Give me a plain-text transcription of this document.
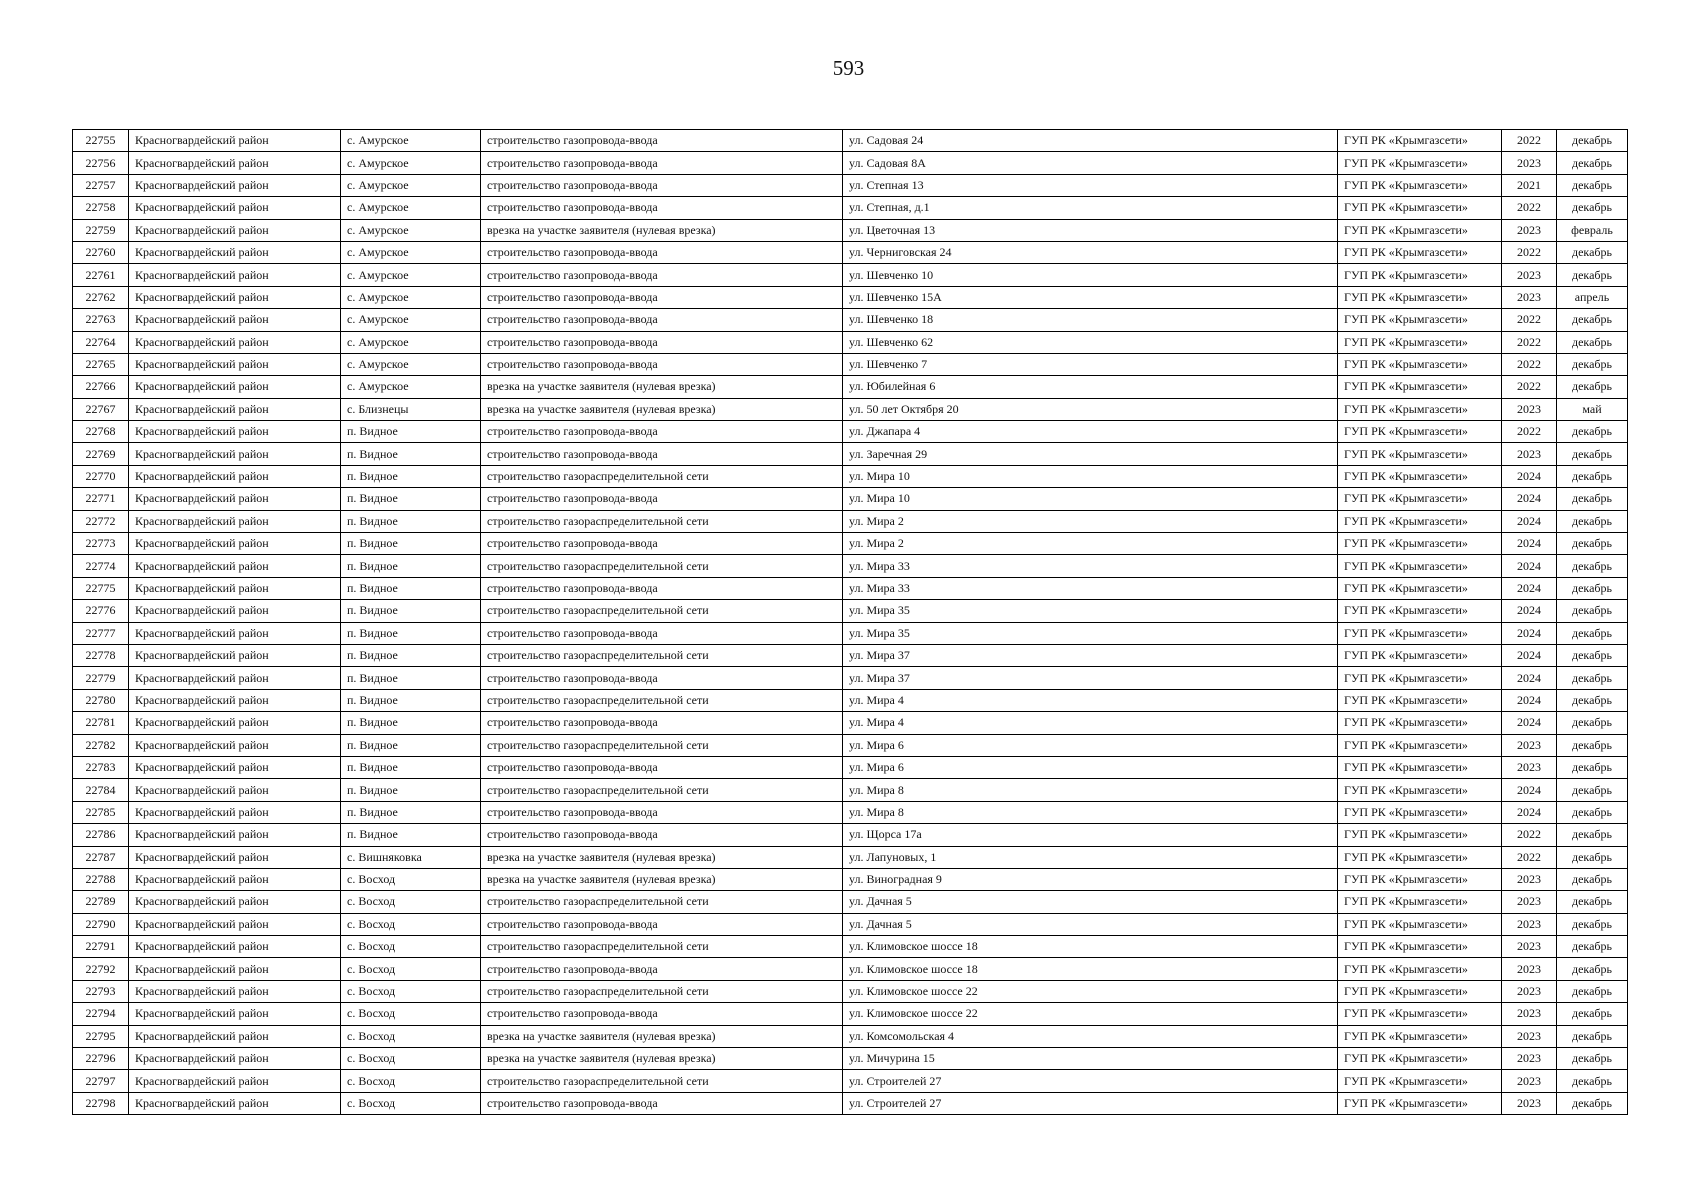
593
22755	Красногвардейский район	с. Амурское	строительство газопровода-ввода	ул. Садовая 24	ГУП РК «Крымгазсети»	2022	декабрь
22756	Красногвардейский район	с. Амурское	строительство газопровода-ввода	ул. Садовая 8А	ГУП РК «Крымгазсети»	2023	декабрь
22757	Красногвардейский район	с. Амурское	строительство газопровода-ввода	ул. Степная 13	ГУП РК «Крымгазсети»	2021	декабрь
22758	Красногвардейский район	с. Амурское	строительство газопровода-ввода	ул. Степная, д.1	ГУП РК «Крымгазсети»	2022	декабрь
22759	Красногвардейский район	с. Амурское	врезка на участке заявителя (нулевая врезка)	ул. Цветочная 13	ГУП РК «Крымгазсети»	2023	февраль
22760	Красногвардейский район	с. Амурское	строительство газопровода-ввода	ул. Черниговская 24	ГУП РК «Крымгазсети»	2022	декабрь
22761	Красногвардейский район	с. Амурское	строительство газопровода-ввода	ул. Шевченко 10	ГУП РК «Крымгазсети»	2023	декабрь
22762	Красногвардейский район	с. Амурское	строительство газопровода-ввода	ул. Шевченко 15А	ГУП РК «Крымгазсети»	2023	апрель
22763	Красногвардейский район	с. Амурское	строительство газопровода-ввода	ул. Шевченко 18	ГУП РК «Крымгазсети»	2022	декабрь
22764	Красногвардейский район	с. Амурское	строительство газопровода-ввода	ул. Шевченко 62	ГУП РК «Крымгазсети»	2022	декабрь
22765	Красногвардейский район	с. Амурское	строительство газопровода-ввода	ул. Шевченко 7	ГУП РК «Крымгазсети»	2022	декабрь
22766	Красногвардейский район	с. Амурское	врезка на участке заявителя (нулевая врезка)	ул. Юбилейная 6	ГУП РК «Крымгазсети»	2022	декабрь
22767	Красногвардейский район	с. Близнецы	врезка на участке заявителя (нулевая врезка)	ул. 50 лет Октября 20	ГУП РК «Крымгазсети»	2023	май
22768	Красногвардейский район	п. Видное	строительство газопровода-ввода	ул. Джапара 4	ГУП РК «Крымгазсети»	2022	декабрь
22769	Красногвардейский район	п. Видное	строительство газопровода-ввода	ул. Заречная 29	ГУП РК «Крымгазсети»	2023	декабрь
22770	Красногвардейский район	п. Видное	строительство газораспределительной сети	ул. Мира 10	ГУП РК «Крымгазсети»	2024	декабрь
22771	Красногвардейский район	п. Видное	строительство газопровода-ввода	ул. Мира 10	ГУП РК «Крымгазсети»	2024	декабрь
22772	Красногвардейский район	п. Видное	строительство газораспределительной сети	ул. Мира 2	ГУП РК «Крымгазсети»	2024	декабрь
22773	Красногвардейский район	п. Видное	строительство газопровода-ввода	ул. Мира 2	ГУП РК «Крымгазсети»	2024	декабрь
22774	Красногвардейский район	п. Видное	строительство газораспределительной сети	ул. Мира 33	ГУП РК «Крымгазсети»	2024	декабрь
22775	Красногвардейский район	п. Видное	строительство газопровода-ввода	ул. Мира 33	ГУП РК «Крымгазсети»	2024	декабрь
22776	Красногвардейский район	п. Видное	строительство газораспределительной сети	ул. Мира 35	ГУП РК «Крымгазсети»	2024	декабрь
22777	Красногвардейский район	п. Видное	строительство газопровода-ввода	ул. Мира 35	ГУП РК «Крымгазсети»	2024	декабрь
22778	Красногвардейский район	п. Видное	строительство газораспределительной сети	ул. Мира 37	ГУП РК «Крымгазсети»	2024	декабрь
22779	Красногвардейский район	п. Видное	строительство газопровода-ввода	ул. Мира 37	ГУП РК «Крымгазсети»	2024	декабрь
22780	Красногвардейский район	п. Видное	строительство газораспределительной сети	ул. Мира 4	ГУП РК «Крымгазсети»	2024	декабрь
22781	Красногвардейский район	п. Видное	строительство газопровода-ввода	ул. Мира 4	ГУП РК «Крымгазсети»	2024	декабрь
22782	Красногвардейский район	п. Видное	строительство газораспределительной сети	ул. Мира 6	ГУП РК «Крымгазсети»	2023	декабрь
22783	Красногвардейский район	п. Видное	строительство газопровода-ввода	ул. Мира 6	ГУП РК «Крымгазсети»	2023	декабрь
22784	Красногвардейский район	п. Видное	строительство газораспределительной сети	ул. Мира 8	ГУП РК «Крымгазсети»	2024	декабрь
22785	Красногвардейский район	п. Видное	строительство газопровода-ввода	ул. Мира 8	ГУП РК «Крымгазсети»	2024	декабрь
22786	Красногвардейский район	п. Видное	строительство газопровода-ввода	ул. Щорса 17а	ГУП РК «Крымгазсети»	2022	декабрь
22787	Красногвардейский район	с. Вишняковка	врезка на участке заявителя (нулевая врезка)	ул. Лапуновых, 1	ГУП РК «Крымгазсети»	2022	декабрь
22788	Красногвардейский район	с. Восход	врезка на участке заявителя (нулевая врезка)	ул. Виноградная 9	ГУП РК «Крымгазсети»	2023	декабрь
22789	Красногвардейский район	с. Восход	строительство газораспределительной сети	ул. Дачная 5	ГУП РК «Крымгазсети»	2023	декабрь
22790	Красногвардейский район	с. Восход	строительство газопровода-ввода	ул. Дачная 5	ГУП РК «Крымгазсети»	2023	декабрь
22791	Красногвардейский район	с. Восход	строительство газораспределительной сети	ул. Климовское шоссе 18	ГУП РК «Крымгазсети»	2023	декабрь
22792	Красногвардейский район	с. Восход	строительство газопровода-ввода	ул. Климовское шоссе 18	ГУП РК «Крымгазсети»	2023	декабрь
22793	Красногвардейский район	с. Восход	строительство газораспределительной сети	ул. Климовское шоссе 22	ГУП РК «Крымгазсети»	2023	декабрь
22794	Красногвардейский район	с. Восход	строительство газопровода-ввода	ул. Климовское шоссе 22	ГУП РК «Крымгазсети»	2023	декабрь
22795	Красногвардейский район	с. Восход	врезка на участке заявителя (нулевая врезка)	ул. Комсомольская 4	ГУП РК «Крымгазсети»	2023	декабрь
22796	Красногвардейский район	с. Восход	врезка на участке заявителя (нулевая врезка)	ул. Мичурина 15	ГУП РК «Крымгазсети»	2023	декабрь
22797	Красногвардейский район	с. Восход	строительство газораспределительной сети	ул. Строителей 27	ГУП РК «Крымгазсети»	2023	декабрь
22798	Красногвардейский район	с. Восход	строительство газопровода-ввода	ул. Строителей 27	ГУП РК «Крымгазсети»	2023	декабрь
